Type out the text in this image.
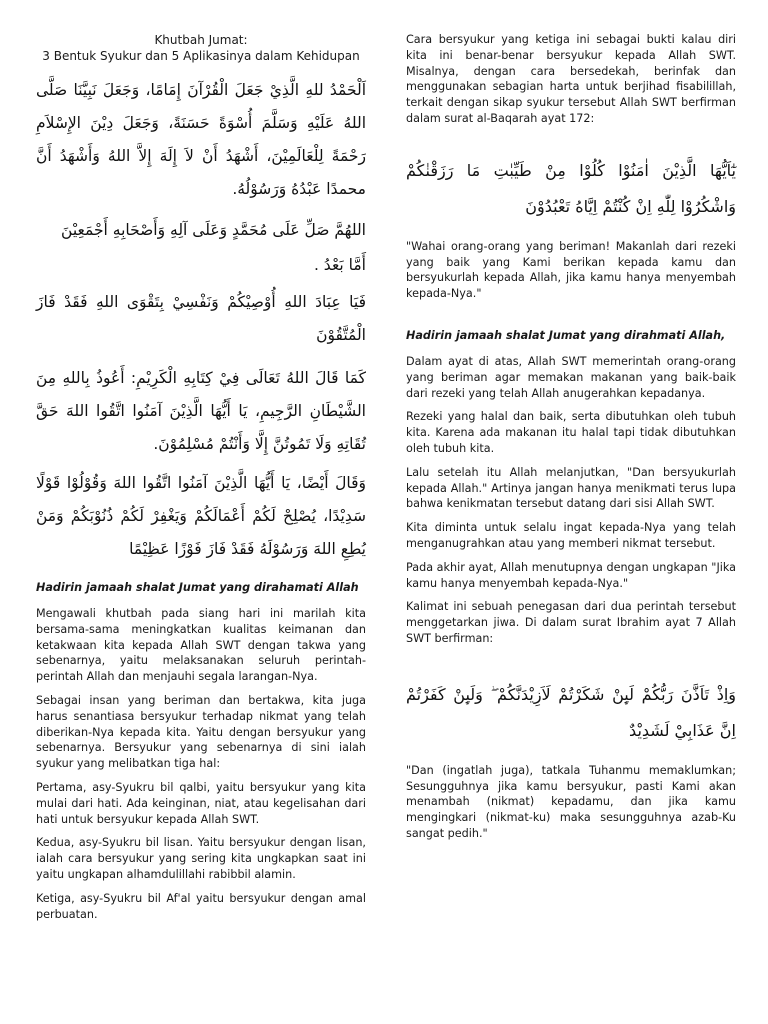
Khutbah Jumat:
3 Bentuk Syukur dan 5 Aplikasinya dalam Kehidupan

اَلْحَمْدُ للهِ الَّذِيْ جَعَلَ الْقُرْآنَ إِمَامًا، وَجَعَلَ نَبِيَّنَا صَلَّى اللهُ عَلَيْهِ وَسَلَّمَ أُسْوَةً حَسَنَةً، وَجَعَلَ دِيْنَ الإِسْلاَمِ رَحْمَةً لِلْعَالَمِيْنَ، أَشْهَدُ أَنْ لاَ إِلَهَ إِلاَّ اللهُ وَأَشْهَدُ أَنَّ محمدًا عَبْدُهُ وَرَسُوْلُهُ.

اللهُمَّ صَلِّ عَلَى مُحَمَّدٍ وَعَلَى آلِهِ وَأَصْحَابِهِ أَجْمَعِيْنَ

أَمَّا بَعْدُ .

فَيَا عِبَادَ اللهِ أُوْصِيْكُمْ وَنَفْسِيْ بِتَقْوَى اللهِ فَقَدْ فَازَ الْمُتَّقُوْنَ

كَمَا قَالَ اللهُ تَعَالَى فِيْ كِتَابِهِ الْكَرِيْمِ: أَعُوذُ بِاللهِ مِنَ الشَّيْطَانِ الرَّجِيمِ، يَا أَيُّهَا الَّذِيْنَ آمَنُوا اتَّقُوا اللهَ حَقَّ تُقَاتِهِ وَلَا تَمُوتُنَّ إِلَّا وَأَنْتُمْ مُسْلِمُوْنَ.

وَقَالَ أَيْضًا، يَا أَيُّهَا الَّذِيْنَ آمَنُوا اتَّقُوا اللهَ وَقُوْلُوْا قَوْلًا سَدِيْدًا، يُصْلِحْ لَكُمْ أَعْمَالَكُمْ وَيَغْفِرْ لَكُمْ ذُنُوْبَكُمْ وَمَنْ يُطِعِ اللهَ وَرَسُوْلَهُ فَقَدْ فَازَ فَوْزًا عَظِيْمًا

Hadirin jamaah shalat Jumat yang dirahamati Allah

Mengawali khutbah pada siang hari ini marilah kita bersama-sama meningkatkan kualitas keimanan dan ketakwaan kita kepada Allah SWT dengan takwa yang sebenarnya, yaitu melaksanakan seluruh perintah-perintah Allah dan menjauhi segala larangan-Nya.

Sebagai insan yang beriman dan bertakwa, kita juga harus senantiasa bersyukur terhadap nikmat yang telah diberikan-Nya kepada kita. Yaitu dengan bersyukur yang sebenarnya. Bersyukur yang sebenarnya di sini ialah syukur yang melibatkan tiga hal:

Pertama, asy-Syukru bil qalbi, yaitu bersyukur yang kita mulai dari hati. Ada keinginan, niat, atau kegelisahan dari hati untuk bersyukur kepada Allah SWT.

Kedua, asy-Syukru bil lisan. Yaitu bersyukur dengan lisan, ialah cara bersyukur yang sering kita ungkapkan saat ini yaitu ungkapan alhamdulillahi rabibbil alamin.

Ketiga, asy-Syukru bil Af'al yaitu bersyukur dengan amal perbuatan.

Cara bersyukur yang ketiga ini sebagai bukti kalau diri kita ini benar-benar bersyukur kepada Allah SWT. Misalnya, dengan cara bersedekah, berinfak dan menggunakan sebagian harta untuk berjihad fisabilillah, terkait dengan sikap syukur tersebut Allah SWT berfirman dalam surat al-Baqarah ayat 172:

يٰٓاَيُّهَا الَّذِيْنَ اٰمَنُوْا كُلُوْا مِنْ طَيِّبٰتِ مَا رَزَقْنٰكُمْ وَاشْكُرُوْا لِلّٰهِ اِنْ كُنْتُمْ اِيَّاهُ تَعْبُدُوْنَ

"Wahai orang-orang yang beriman! Makanlah dari rezeki yang baik yang Kami berikan kepada kamu dan bersyukurlah kepada Allah, jika kamu hanya menyembah kepada-Nya."

Hadirin jamaah shalat Jumat yang dirahmati Allah,

Dalam ayat di atas, Allah SWT memerintah orang-orang yang beriman agar memakan makanan yang baik-baik dari rezeki yang telah Allah anugerahkan kepadanya.

Rezeki yang halal dan baik, serta dibutuhkan oleh tubuh kita. Karena ada makanan itu halal tapi tidak dibutuhkan oleh tubuh kita.

Lalu setelah itu Allah melanjutkan, "Dan bersyukurlah kepada Allah." Artinya jangan hanya menikmati terus lupa bahwa kenikmatan tersebut datang dari sisi Allah SWT.

Kita diminta untuk selalu ingat kepada-Nya yang telah menganugrahkan atau yang memberi nikmat tersebut.

Pada akhir ayat, Allah menutupnya dengan ungkapan "Jika kamu hanya menyembah kepada-Nya."

Kalimat ini sebuah penegasan dari dua perintah tersebut menggetarkan jiwa. Di dalam surat Ibrahim ayat 7 Allah SWT berfirman:

وَاِذْ تَاَذَّنَ رَبُّكُمْ لَىِٕنْ شَكَرْتُمْ لَاَزِيْدَنَّكُمْ ۖ وَلَىِٕنْ كَفَرْتُمْ اِنَّ عَذَابِيْ لَشَدِيْدٌ

"Dan (ingatlah juga), tatkala Tuhanmu memaklumkan; Sesungguhnya jika kamu bersyukur, pasti Kami akan menambah (nikmat) kepadamu, dan jika kamu mengingkari (nikmat-ku) maka sesungguhnya azab-Ku sangat pedih."
